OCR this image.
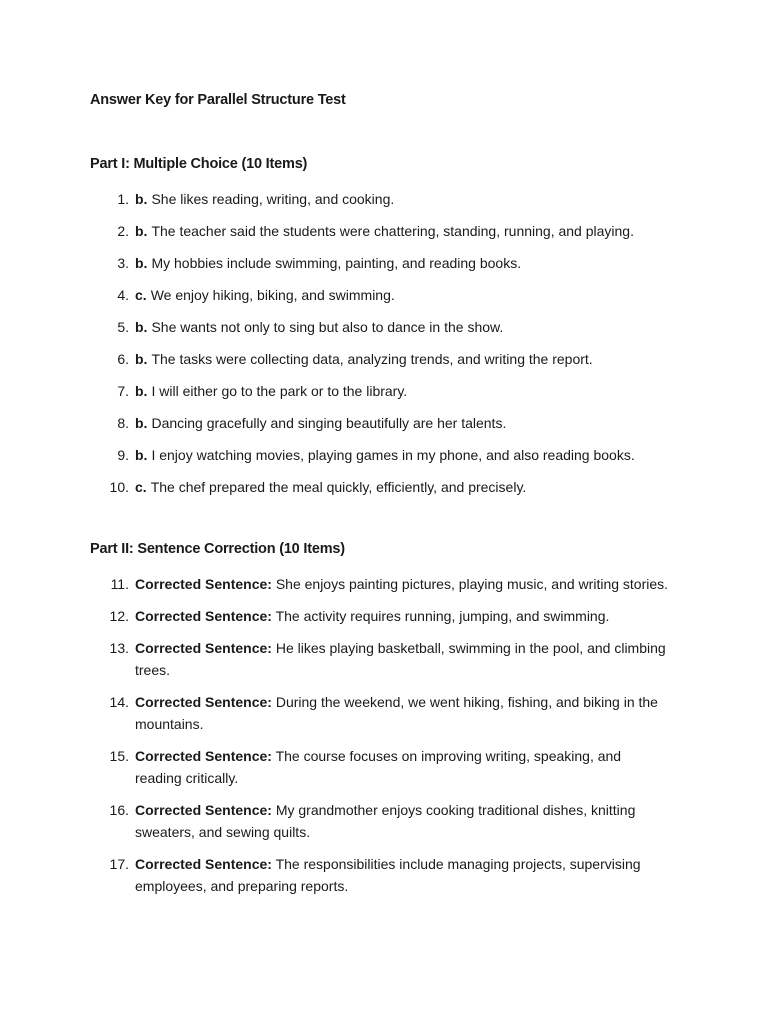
Answer Key for Parallel Structure Test
Part I: Multiple Choice (10 Items)
1. b. She likes reading, writing, and cooking.
2. b. The teacher said the students were chattering, standing, running, and playing.
3. b. My hobbies include swimming, painting, and reading books.
4. c. We enjoy hiking, biking, and swimming.
5. b. She wants not only to sing but also to dance in the show.
6. b. The tasks were collecting data, analyzing trends, and writing the report.
7. b. I will either go to the park or to the library.
8. b. Dancing gracefully and singing beautifully are her talents.
9. b. I enjoy watching movies, playing games in my phone, and also reading books.
10. c. The chef prepared the meal quickly, efficiently, and precisely.
Part II: Sentence Correction (10 Items)
11. Corrected Sentence: She enjoys painting pictures, playing music, and writing stories.
12. Corrected Sentence: The activity requires running, jumping, and swimming.
13. Corrected Sentence: He likes playing basketball, swimming in the pool, and climbing trees.
14. Corrected Sentence: During the weekend, we went hiking, fishing, and biking in the mountains.
15. Corrected Sentence: The course focuses on improving writing, speaking, and reading critically.
16. Corrected Sentence: My grandmother enjoys cooking traditional dishes, knitting sweaters, and sewing quilts.
17. Corrected Sentence: The responsibilities include managing projects, supervising employees, and preparing reports.
